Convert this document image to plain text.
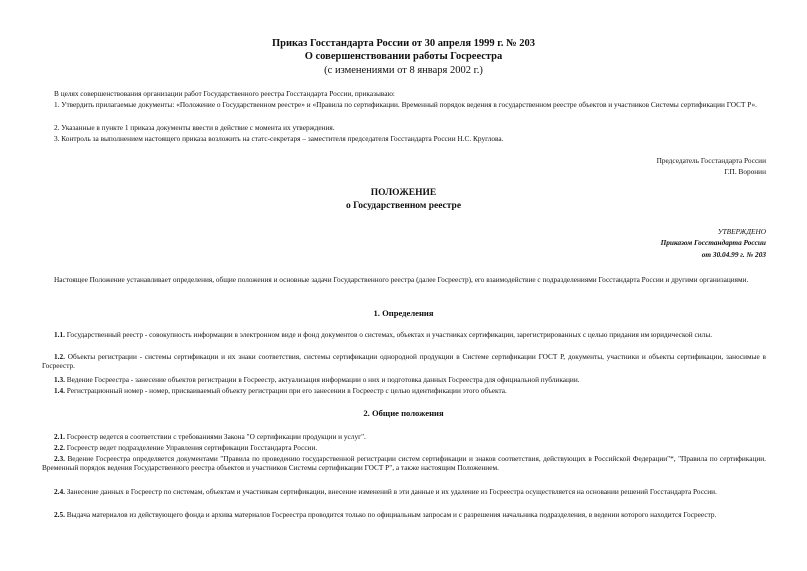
Приказ Госстандарта России от 30 апреля 1999 г. № 203
О совершенствовании работы Госреестра
(с изменениями от 8 января 2002 г.)
В целях совершенствования организации работ Государственного реестра Госстандарта России, приказываю:
1. Утвердить прилагаемые документы: «Положение о Государственном реестре» и «Правила по сертификации. Временный порядок ведения в государственном реестре объектов и участников Системы сертификации ГОСТ Р».
2. Указанные в пункте 1 приказа документы ввести в действие с момента их утверждения.
3. Контроль за выполнением настоящего приказа возложить на статс-секретаря – заместителя председателя Госстандарта России Н.С. Круглова.
Председатель Госстандарта России
Г.П. Воронин
ПОЛОЖЕНИЕ
о Государственном реестре
УТВЕРЖДЕНО
Приказом Госстандарта России
от 30.04.99 г. № 203
Настоящее Положение устанавливает определения, общие положения и основные задачи Государственного реестра (далее Госреестр), его взаимодействие с подразделениями Госстандарта России и другими организациями.
1. Определения
1.1. Государственный реестр - совокупность информации в электронном виде и фонд документов о системах, объектах и участниках сертификации, зарегистрированных с целью придания им юридической силы.
1.2. Объекты регистрации - системы сертификации и их знаки соответствия, системы сертификации однородной продукции в Системе сертификации ГОСТ Р, документы, участники и объекты сертификации, заносимые в Госреестр.
1.3. Ведение Госреестра - занесение объектов регистрации в Госреестр, актуализация информации о них и подготовка данных Госреестра для официальной публикации.
1.4. Регистрационный номер - номер, присваиваемый объекту регистрации при его занесении в Госреестр с целью идентификации этого объекта.
2. Общие положения
2.1. Госреестр ведется в соответствии с требованиями Закона "О сертификации продукции и услуг".
2.2. Госреестр ведет подразделение Управления сертификации Госстандарта России.
2.3. Ведение Госреестра определяется документами "Правила по проведению государственной регистрации систем сертификации и знаков соответствия, действующих в Российской Федерации"*, "Правила по сертификации. Временный порядок ведения Государственного реестра объектов и участников Системы сертификации ГОСТ Р", а также настоящим Положением.
2.4. Занесение данных в Госреестр по системам, объектам и участникам сертификации, внесение изменений в эти данные и их удаление из Госреестра осуществляется на основании решений Госстандарта России.
2.5. Выдача материалов из действующего фонда и архива материалов Госреестра проводится только по официальным запросам и с разрешения начальника подразделения, в ведении которого находится Госреестр.
